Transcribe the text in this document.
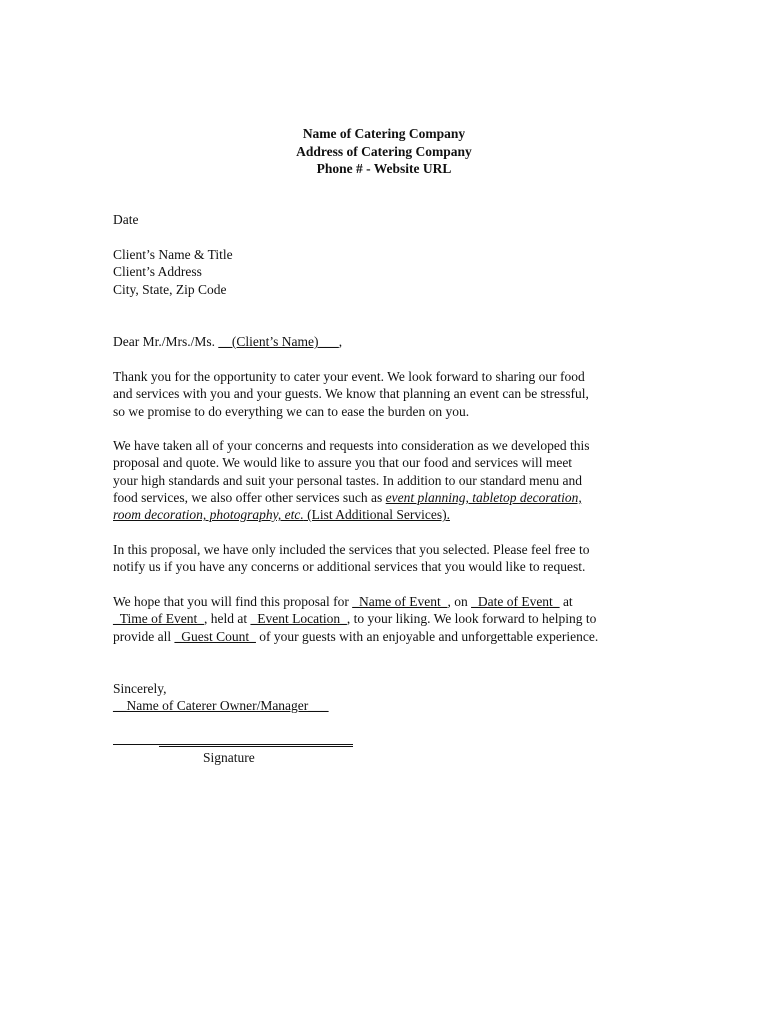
Name of Catering Company
Address of Catering Company
Phone # - Website URL
Date
Client’s Name & Title
Client’s Address
City, State, Zip Code
Dear Mr./Mrs./Ms. __(Client’s Name)___,
Thank you for the opportunity to cater your event. We look forward to sharing our food
and services with you and your guests. We know that planning an event can be stressful,
so we promise to do everything we can to ease the burden on you.
We have taken all of your concerns and requests into consideration as we developed this
proposal and quote. We would like to assure you that our food and services will meet
your high standards and suit your personal tastes. In addition to our standard menu and
food services, we also offer other services such as event planning, tabletop decoration,
room decoration, photography, etc. (List Additional Services).
In this proposal, we have only included the services that you selected. Please feel free to
notify us if you have any concerns or additional services that you would like to request.
We hope that you will find this proposal for _Name of Event_, on _Date of Event_ at
_Time of Event_, held at _Event Location_, to your liking. We look forward to helping to
provide all _Guest Count_ of your guests with an enjoyable and unforgettable experience.
Sincerely,
__Name of Caterer Owner/Manager___
Signature
